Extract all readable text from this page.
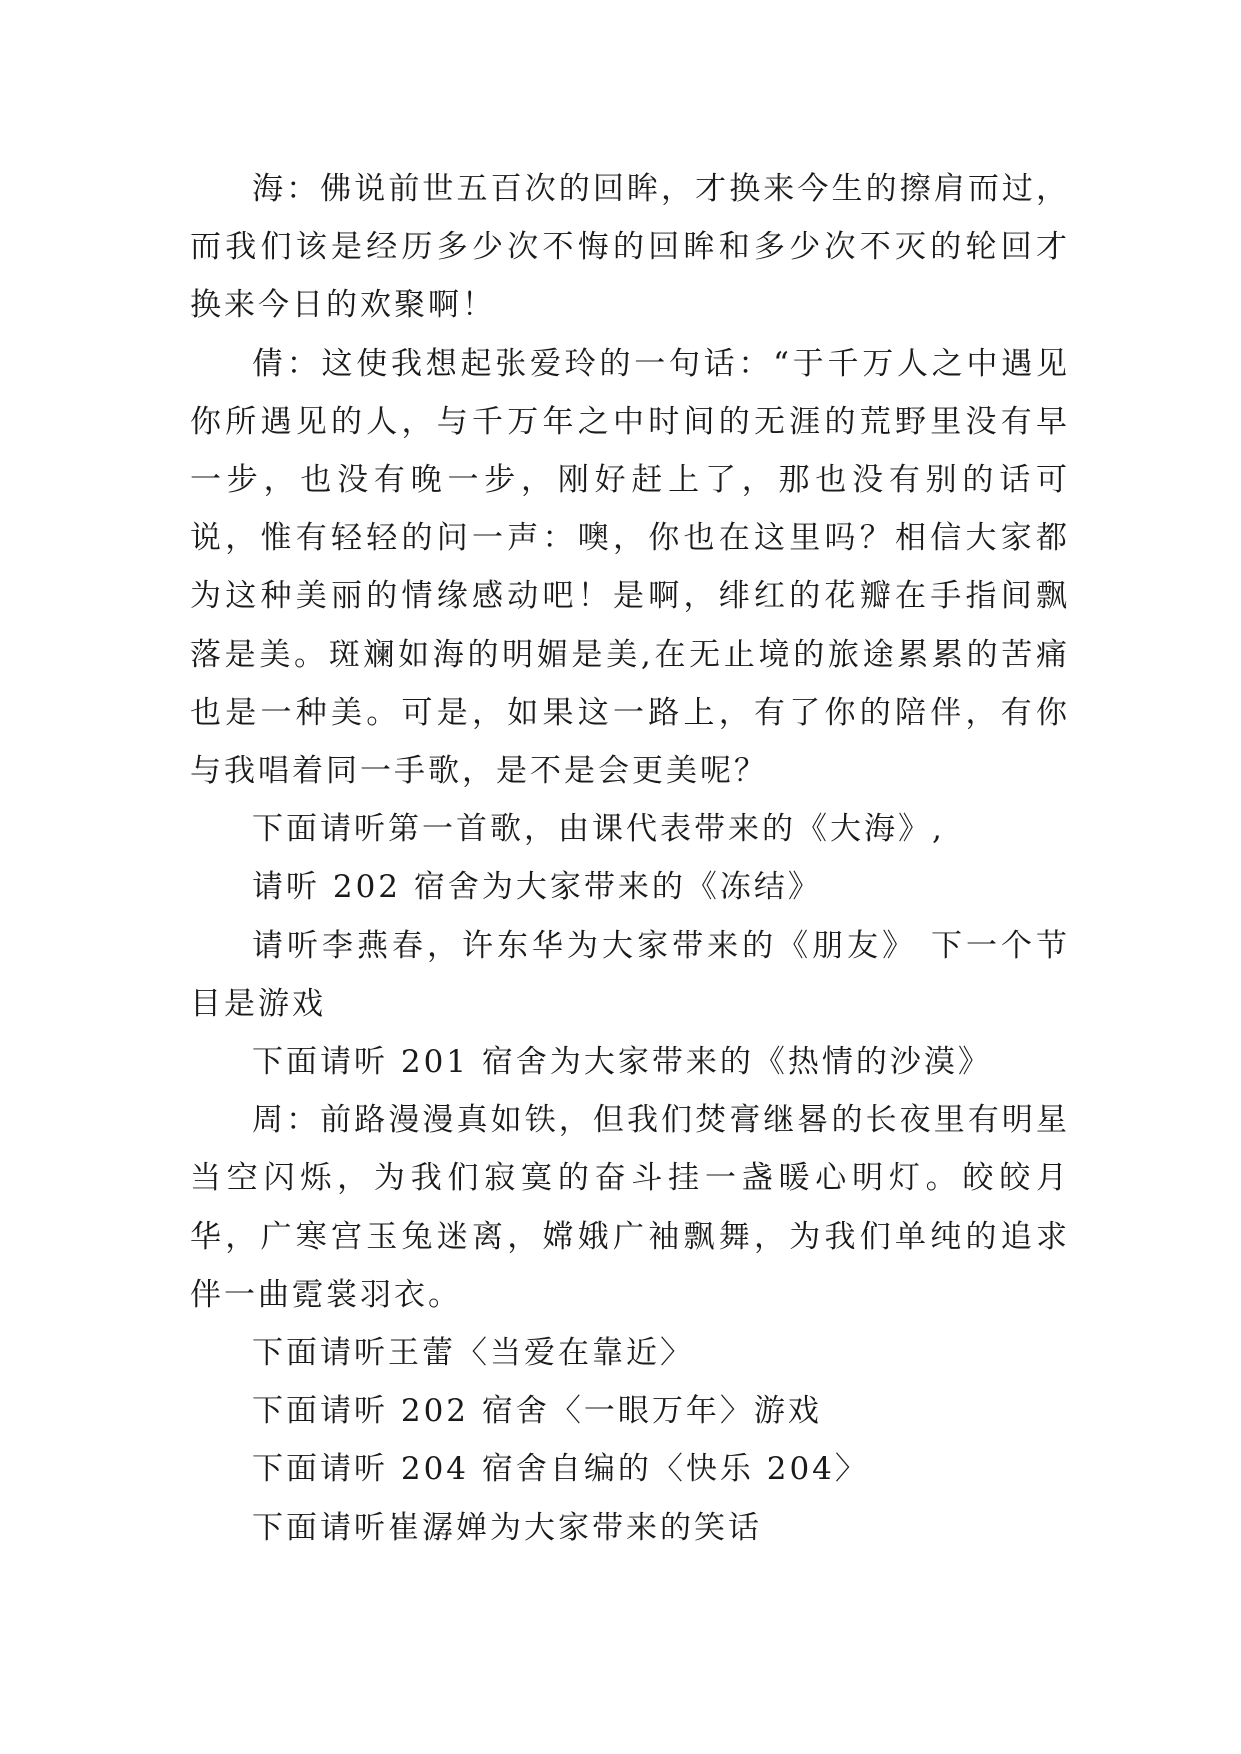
海：佛说前世五百次的回眸，才换来今生的擦肩而过，而我们该是经历多少次不悔的回眸和多少次不灭的轮回才换来今日的欢聚啊！

倩：这使我想起张爱玲的一句话：“于千万人之中遇见你所遇见的人，与千万年之中时间的无涯的荒野里没有早一步，也没有晚一步，刚好赶上了，那也没有别的话可说，惟有轻轻的问一声：噢，你也在这里吗？相信大家都为这种美丽的情缘感动吧！是啊，绯红的花瓣在手指间飘落是美。斑斓如海的明媚是美,在无止境的旅途累累的苦痛也是一种美。可是，如果这一路上，有了你的陪伴，有你与我唱着同一手歌，是不是会更美呢？

下面请听第一首歌，由课代表带来的《大海》,

请听 202 宿舍为大家带来的《冻结》

请听李燕春，许东华为大家带来的《朋友》 下一个节目是游戏

下面请听 201 宿舍为大家带来的《热情的沙漠》

周：前路漫漫真如铁，但我们焚膏继晷的长夜里有明星当空闪烁，为我们寂寞的奋斗挂一盏暖心明灯。皎皎月华，广寒宫玉兔迷离，嫦娥广袖飘舞，为我们单纯的追求伴一曲霓裳羽衣。

下面请听王蕾〈当爱在靠近〉

下面请听 202 宿舍〈一眼万年〉游戏

下面请听 204 宿舍自编的〈快乐 204〉

下面请听崔潺婵为大家带来的笑话
